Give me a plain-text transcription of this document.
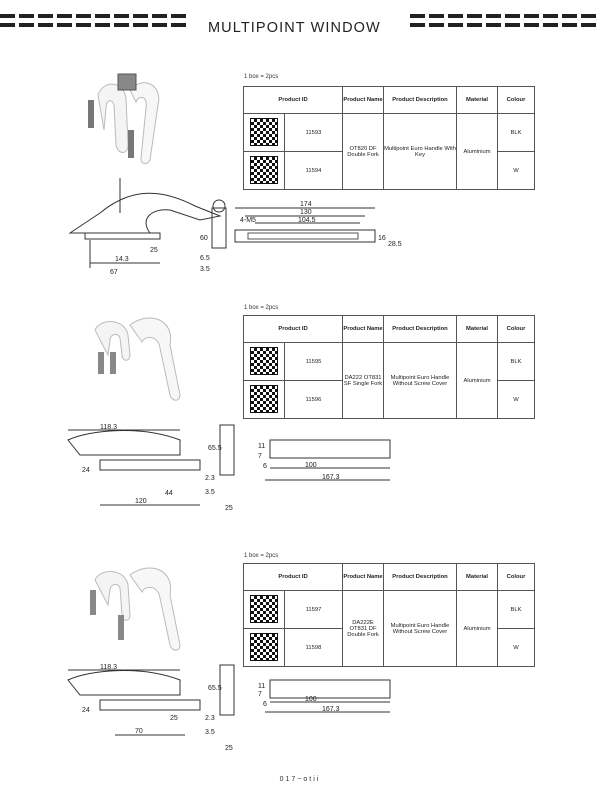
MULTIPOINT WINDOW
1 box = 2pcs
Product ID		Product Name	Product Description	Material	Colour
	11593	OT820 DF Double Fork	Multipoint Euro Handle With Key	Aluminium	BLK
	11594				W
14.3
67
25
60
6.5
3.5
174
130
104.5
4-M5
16
28.5
1 box = 2pcs
Product ID		Product Name	Product Description	Material	Colour
	11595	DA222 OT831 SF Single Fork	Multipoint Euro Handle Without Screw Cover	Aluminium	BLK
	11596				W
118.3
24
120
44
65.5
2.3
3.5
25
11
7
100
167.3
6
1 box = 2pcs
Product ID		Product Name	Product Description	Material	Colour
	11597	DA222E OT831 DF Double Fork	Multipoint Euro Handle Without Screw Cover	Aluminium	BLK
	11598				W
118.3
24
70
25
65.5
2.3
3.5
25
11
7
100
167.3
6
017~otii
